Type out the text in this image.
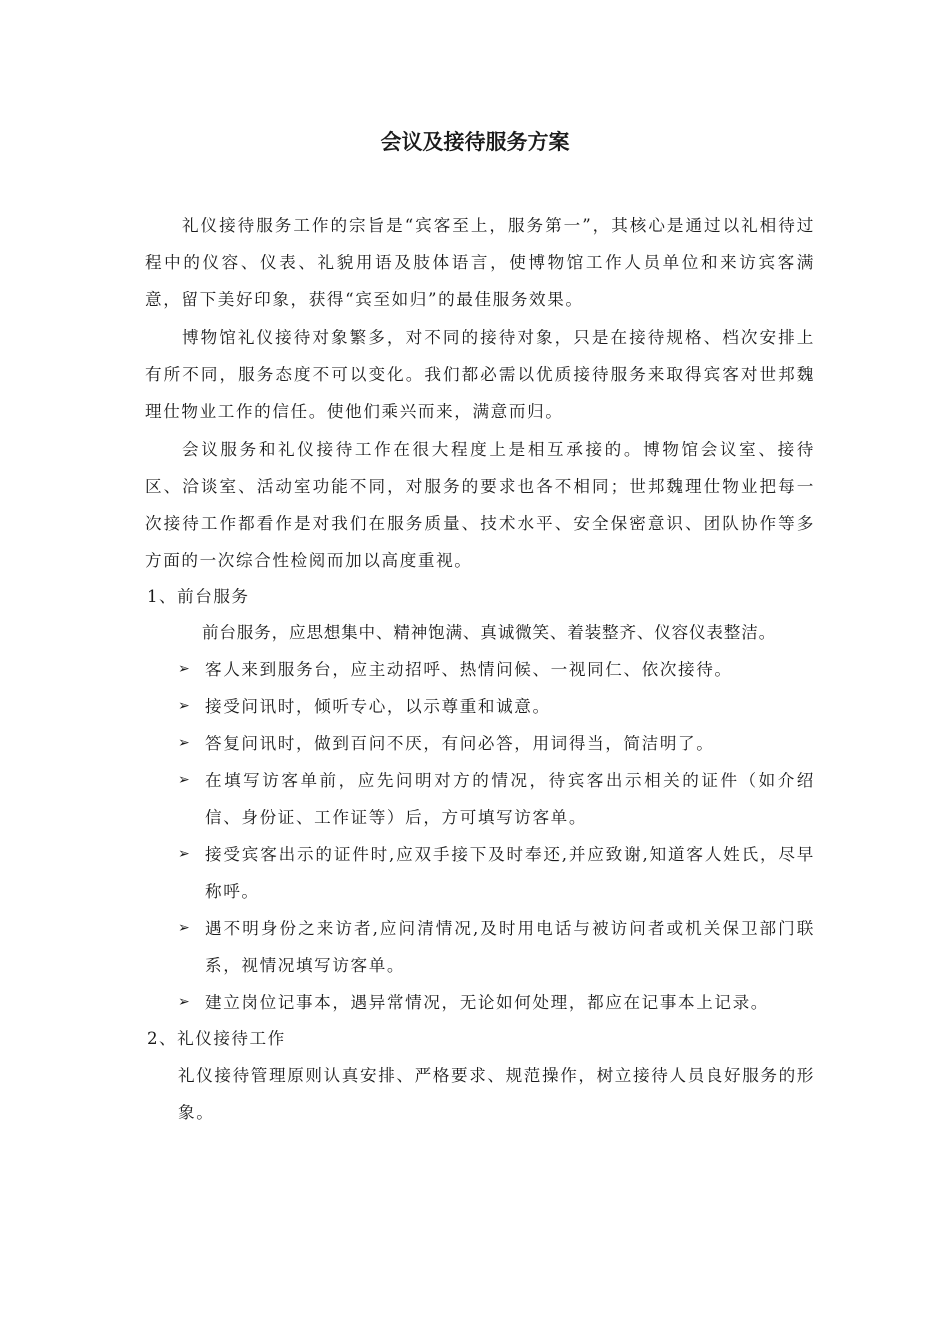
会议及接待服务方案

礼仪接待服务工作的宗旨是“宾客至上，服务第一”，其核心是通过以礼相待过程中的仪容、仪表、礼貌用语及肢体语言，使博物馆工作人员单位和来访宾客满意，留下美好印象，获得“宾至如归”的最佳服务效果。

博物馆礼仪接待对象繁多，对不同的接待对象，只是在接待规格、档次安排上有所不同，服务态度不可以变化。我们都必需以优质接待服务来取得宾客对世邦魏理仕物业工作的信任。使他们乘兴而来，满意而归。

会议服务和礼仪接待工作在很大程度上是相互承接的。博物馆会议室、接待区、洽谈室、活动室功能不同，对服务的要求也各不相同；世邦魏理仕物业把每一次接待工作都看作是对我们在服务质量、技术水平、安全保密意识、团队协作等多方面的一次综合性检阅而加以高度重视。

1、前台服务
前台服务，应思想集中、精神饱满、真诚微笑、着装整齐、仪容仪表整洁。
➢ 客人来到服务台，应主动招呼、热情问候、一视同仁、依次接待。
➢ 接受问讯时，倾听专心，以示尊重和诚意。
➢ 答复问讯时，做到百问不厌，有问必答，用词得当，简洁明了。
➢ 在填写访客单前，应先问明对方的情况，待宾客出示相关的证件（如介绍信、身份证、工作证等）后，方可填写访客单。
➢ 接受宾客出示的证件时,应双手接下及时奉还,并应致谢,知道客人姓氏，尽早称呼。
➢ 遇不明身份之来访者,应问清情况,及时用电话与被访问者或机关保卫部门联系，视情况填写访客单。
➢ 建立岗位记事本，遇异常情况，无论如何处理，都应在记事本上记录。
2、礼仪接待工作

礼仪接待管理原则认真安排、严格要求、规范操作，树立接待人员良好服务的形象。
